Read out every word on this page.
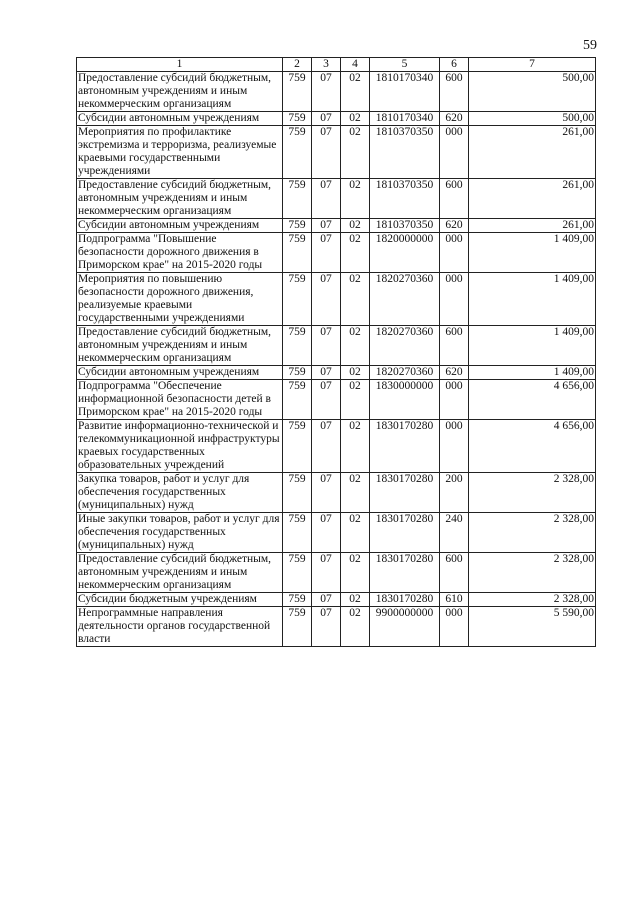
59
1	2	3	4	5	6	7
Предоставление субсидий бюджетным, автономным учреждениям и иным некоммерческим организациям	759	07	02	1810170340	600	500,00
Субсидии автономным учреждениям	759	07	02	1810170340	620	500,00
Мероприятия по профилактике экстремизма и терроризма, реализуемые краевыми государственными учреждениями	759	07	02	1810370350	000	261,00
Предоставление субсидий бюджетным, автономным учреждениям и иным некоммерческим организациям	759	07	02	1810370350	600	261,00
Субсидии автономным учреждениям	759	07	02	1810370350	620	261,00
Подпрограмма "Повышение безопасности дорожного движения в Приморском крае" на 2015-2020 годы	759	07	02	1820000000	000	1 409,00
Мероприятия по повышению безопасности дорожного движения, реализуемые краевыми государственными учреждениями	759	07	02	1820270360	000	1 409,00
Предоставление субсидий бюджетным, автономным учреждениям и иным некоммерческим организациям	759	07	02	1820270360	600	1 409,00
Субсидии автономным учреждениям	759	07	02	1820270360	620	1 409,00
Подпрограмма "Обеспечение информационной безопасности детей в Приморском крае" на 2015-2020 годы	759	07	02	1830000000	000	4 656,00
Развитие информационно-технической и телекоммуникационной инфраструктуры краевых государственных образовательных учреждений	759	07	02	1830170280	000	4 656,00
Закупка товаров, работ и услуг для обеспечения государственных (муниципальных) нужд	759	07	02	1830170280	200	2 328,00
Иные закупки товаров, работ и услуг для обеспечения государственных (муниципальных) нужд	759	07	02	1830170280	240	2 328,00
Предоставление субсидий бюджетным, автономным учреждениям и иным некоммерческим организациям	759	07	02	1830170280	600	2 328,00
Субсидии бюджетным учреждениям	759	07	02	1830170280	610	2 328,00
Непрограммные направления деятельности органов государственной власти	759	07	02	9900000000	000	5 590,00
